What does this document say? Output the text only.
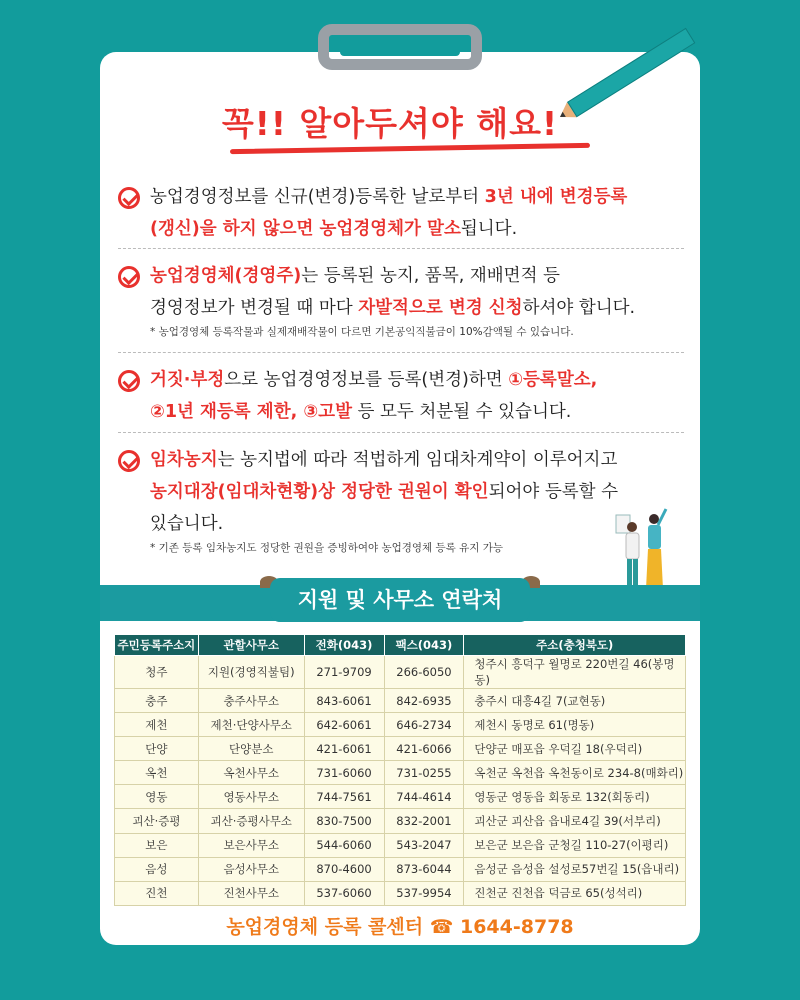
꼭!! 알아두셔야 해요!
농업경영정보를 신규(변경)등록한 날로부터 3년 내에 변경등록
(갱신)을 하지 않으면 농업경영체가 말소됩니다.
농업경영체(경영주)는 등록된 농지, 품목, 재배면적 등
경영정보가 변경될 때 마다 자발적으로 변경 신청하셔야 합니다.
* 농업경영체 등록작물과 실제재배작물이 다르면 기본공익직불금이 10%감액될 수 있습니다.
거짓·부정으로 농업경영정보를 등록(변경)하면 ①등록말소,
②1년 재등록 제한, ③고발 등 모두 처분될 수 있습니다.
임차농지는 농지법에 따라 적법하게 임대차계약이 이루어지고
농지대장(임대차현황)상 정당한 권원이 확인되어야 등록할 수
있습니다.
* 기존 등록 임차농지도 정당한 권원을 증빙하여야 농업경영체 등록 유지 가능
지원 및 사무소 연락처
주민등록주소지	관할사무소	전화(043)	팩스(043)	주소(충청북도)
청주	지원(경영직불팀)	271-9709	266-6050	청주시 흥덕구 월명로 220번길 46(봉명동)
충주	충주사무소	843-6061	842-6935	충주시 대흥4길 7(교현동)
제천	제천·단양사무소	642-6061	646-2734	제천시 동명로 61(명동)
단양	단양분소	421-6061	421-6066	단양군 매포읍 우덕길 18(우덕리)
옥천	옥천사무소	731-6060	731-0255	옥천군 옥천읍 옥천동이로 234-8(매화리)
영동	영동사무소	744-7561	744-4614	영동군 영동읍 회동로 132(회동리)
괴산·증평	괴산·증평사무소	830-7500	832-2001	괴산군 괴산읍 읍내로4길 39(서부리)
보은	보은사무소	544-6060	543-2047	보은군 보은읍 군청길 110-27(이평리)
음성	음성사무소	870-4600	873-6044	음성군 음성읍 설성로57번길 15(읍내리)
진천	진천사무소	537-6060	537-9954	진천군 진천읍 덕금로 65(성석리)
농업경영체 등록 콜센터 ☎ 1644-8778
